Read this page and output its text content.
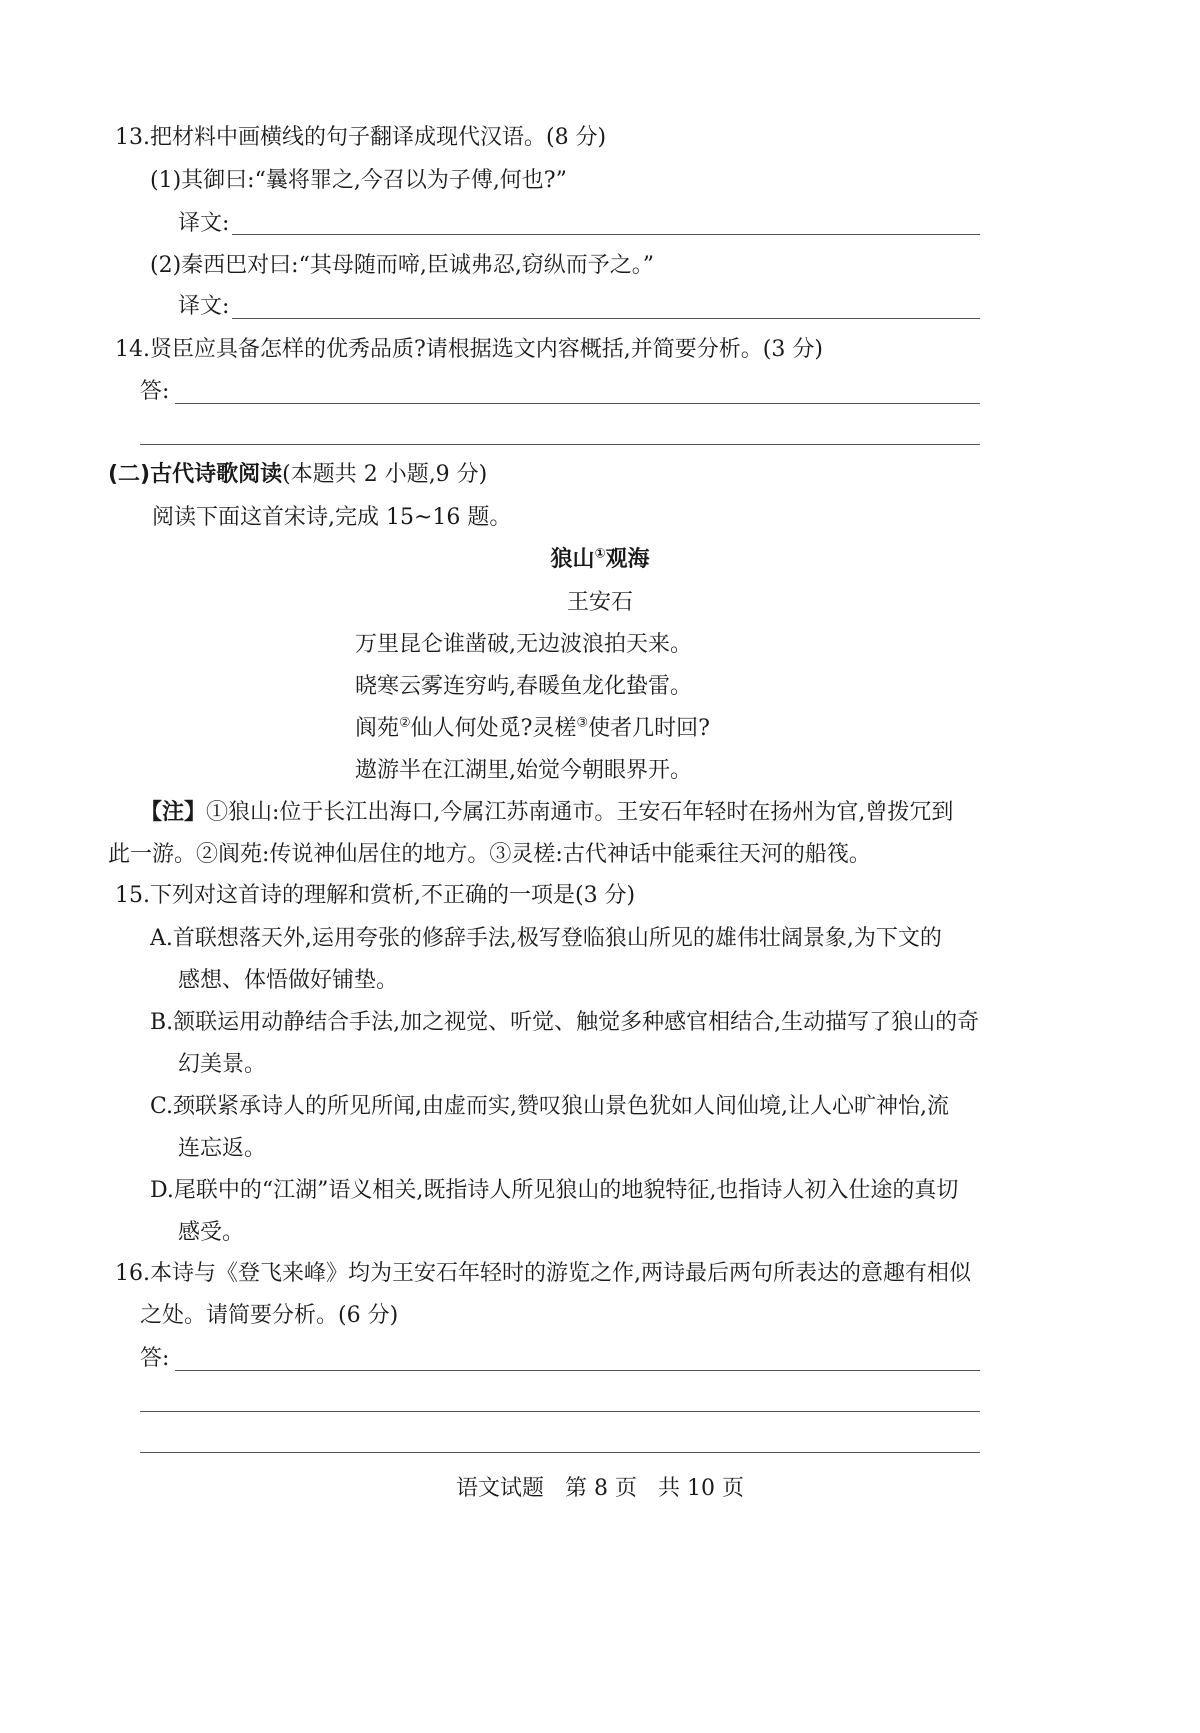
13.把材料中画横线的句子翻译成现代汉语。(8 分)
(1)其御曰:“曩将罪之,今召以为子傅,何也?”
译文:
(2)秦西巴对曰:“其母随而啼,臣诚弗忍,窃纵而予之。”
译文:
14.贤臣应具备怎样的优秀品质?请根据选文内容概括,并简要分析。(3 分)
答:
(二)古代诗歌阅读(本题共 2 小题,9 分)
阅读下面这首宋诗,完成 15~16 题。
狼山①观海
王安石
万里昆仑谁凿破,无边波浪拍天来。
晓寒云雾连穷屿,春暖鱼龙化蛰雷。
阆苑②仙人何处觅?灵槎③使者几时回?
遨游半在江湖里,始觉今朝眼界开。
【注】①狼山:位于长江出海口,今属江苏南通市。王安石年轻时在扬州为官,曾拨冗到
此一游。②阆苑:传说神仙居住的地方。③灵槎:古代神话中能乘往天河的船筏。
15.下列对这首诗的理解和赏析,不正确的一项是(3 分)
A.首联想落天外,运用夸张的修辞手法,极写登临狼山所见的雄伟壮阔景象,为下文的
感想、体悟做好铺垫。
B.颔联运用动静结合手法,加之视觉、听觉、触觉多种感官相结合,生动描写了狼山的奇
幻美景。
C.颈联紧承诗人的所见所闻,由虚而实,赞叹狼山景色犹如人间仙境,让人心旷神怡,流
连忘返。
D.尾联中的“江湖”语义相关,既指诗人所见狼山的地貌特征,也指诗人初入仕途的真切
感受。
16.本诗与《登飞来峰》均为王安石年轻时的游览之作,两诗最后两句所表达的意趣有相似
之处。请简要分析。(6 分)
答:
语文试题   第 8 页   共 10 页
